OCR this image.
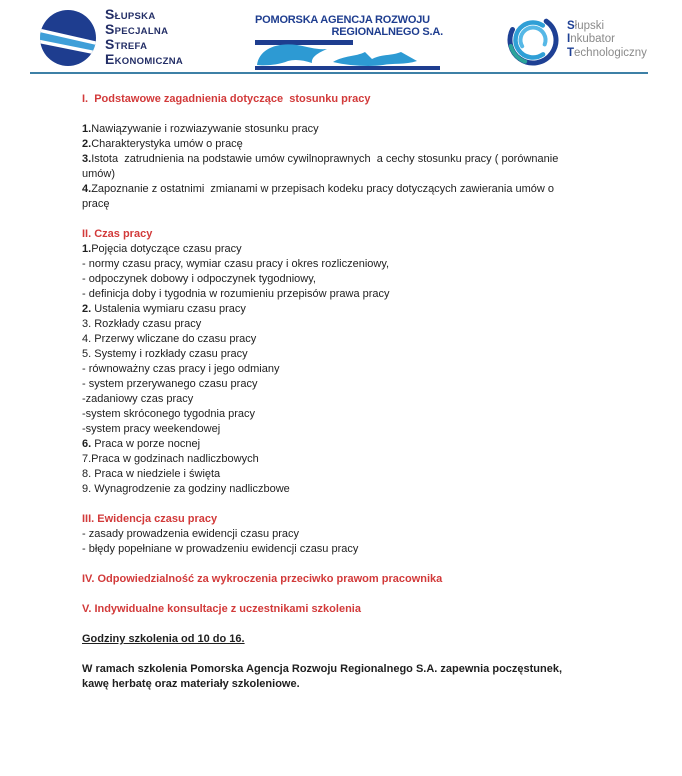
SŁUPSKA
SPECJALNA
STREFA
EKONOMICZNA
POMORSKA AGENCJA ROZWOJU
REGIONALNEGO S.A.
Słupski
Inkubator
Technologiczny
I.  Podstawowe zagadnienia dotyczące  stosunku pracy
1.Nawiązywanie i rozwiazywanie stosunku pracy
2.Charakterystyka umów o pracę
3.Istota  zatrudnienia na podstawie umów cywilnoprawnych  a cechy stosunku pracy ( porównanie
umów)
4.Zapoznanie z ostatnimi  zmianami w przepisach kodeku pracy dotyczących zawierania umów o
pracę
II. Czas pracy
1.Pojęcia dotyczące czasu pracy
- normy czasu pracy, wymiar czasu pracy i okres rozliczeniowy,
- odpoczynek dobowy i odpoczynek tygodniowy,
- definicja doby i tygodnia w rozumieniu przepisów prawa pracy
2. Ustalenia wymiaru czasu pracy
3. Rozkłady czasu pracy
4. Przerwy wliczane do czasu pracy
5. Systemy i rozkłady czasu pracy
- równoważny czas pracy i jego odmiany
- system przerywanego czasu pracy
-zadaniowy czas pracy
-system skróconego tygodnia pracy
-system pracy weekendowej
6. Praca w porze nocnej
7.Praca w godzinach nadliczbowych
8. Praca w niedziele i święta
9. Wynagrodzenie za godziny nadliczbowe
III. Ewidencja czasu pracy
- zasady prowadzenia ewidencji czasu pracy
- błędy popełniane w prowadzeniu ewidencji czasu pracy
IV. Odpowiedzialność za wykroczenia przeciwko prawom pracownika
V. Indywidualne konsultacje z uczestnikami szkolenia
Godziny szkolenia od 10 do 16.
W ramach szkolenia Pomorska Agencja Rozwoju Regionalnego S.A. zapewnia poczęstunek,
kawę herbatę oraz materiały szkoleniowe.
